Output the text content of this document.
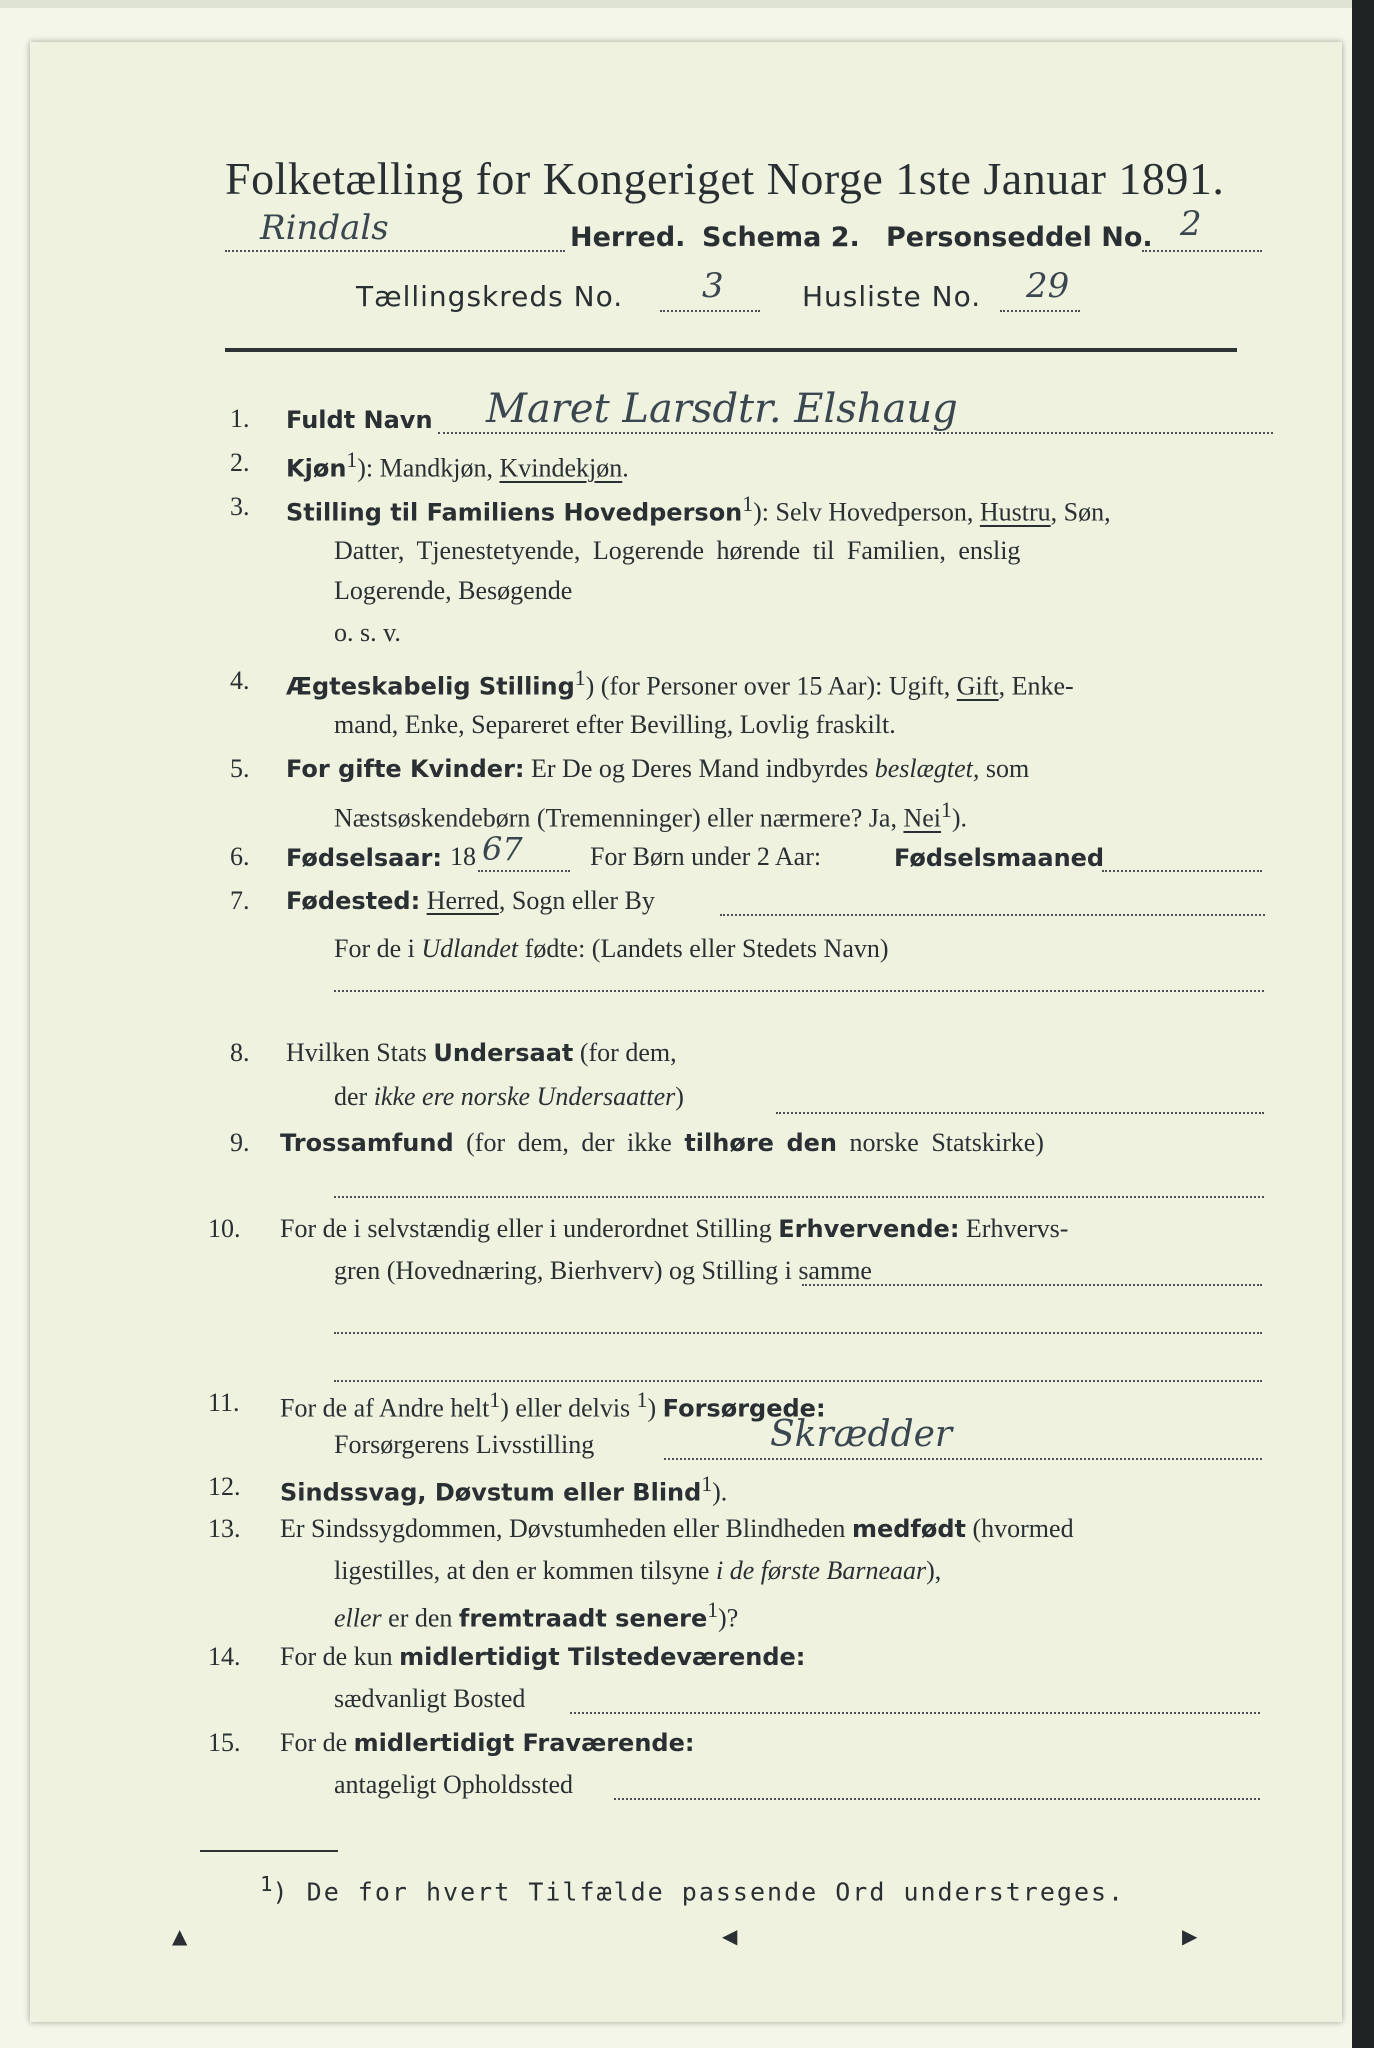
Folketælling for Kongeriget Norge 1ste Januar 1891.
Rindals	Herred. Schema 2. Personseddel No. 2
Tællingskreds No. 3	Husliste No. 29
1. Fuldt Navn Maret Larsdtr. Elshaug
2. Kjøn$^1$): Mandkjøn, Kvindekjøn.
3. Stilling til Familiens Hovedperson$^1$): Selv Hovedperson, Hustru, Søn,
Datter, Tjenestetyende, Logerende hørende til Familien, enslig
Logerende, Besøgende
o. s. v.
4. Ægteskabelig Stilling$^1$) (for Personer over 15 Aar): Ugift, Gift, Enke-
mand, Enke, Separeret efter Bevilling, Lovlig fraskilt.
5. For gifte Kvinder: Er De og Deres Mand indbyrdes beslægtet, som
Næstsøskendebørn (Tremenninger) eller nærmere? Ja, Nei$^1$).
6. Fødselsaar: 18 67	For Børn under 2 Aar:	Fødselsmaaned
7. Fødested: Herred, Sogn eller By
For de i Udlandet fødte: (Landets eller Stedets Navn)
8. Hvilken Stats Undersaat (for dem,
der ikke ere norske Undersaatter)
9. Trossamfund (for dem, der ikke tilhøre den norske Statskirke)
10. For de i selvstændig eller i underordnet Stilling Erhvervende: Erhvervs-
gren (Hovednæring, Bierhverv) og Stilling i samme
11. For de af Andre helt$^1$) eller delvis $^1$) Forsørgede:
Forsørgerens Livsstilling	Skrædder
12. Sindssvag, Døvstum eller Blind$^1$).
13. Er Sindssygdommen, Døvstumheden eller Blindheden medfødt (hvormed
ligestilles, at den er kommen tilsyne i de første Barneaar),
eller er den fremtraadt senere$^1$)?
14. For de kun midlertidigt Tilstedeværende:
sædvanligt Bosted
15. For de midlertidigt Fraværende:
antageligt Opholdssted
$^1$) De for hvert Tilfælde passende Ord understreges.
▲	◀	▶
